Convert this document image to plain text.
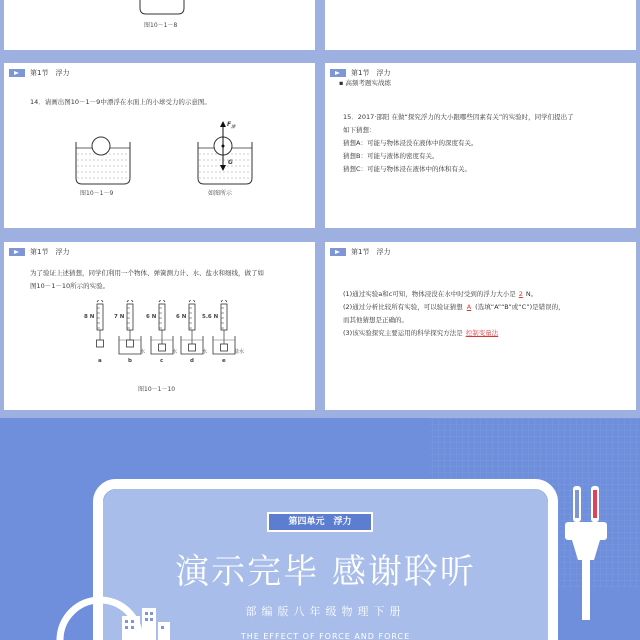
图10－1－8
第1节　浮力
14．请画出图10－1－9中漂浮在水面上的小球受力的示意图。
$F_浮$
G
图10－1－9	如图所示
第1节　浮力
▪ 高频考题实战练
15．2017·邵阳 在做“探究浮力的大小跟哪些因素有关”的实验时，同学们提出了
如下猜想：
猜想A：可能与物体浸没在液体中的深度有关。
猜想B：可能与液体的密度有关。
猜想C：可能与物体浸在液体中的体积有关。
第1节　浮力
为了验证上述猜想，同学们利用一个物体、弹簧测力计、水、盐水和细线，做了如
图10－1－10所示的实验。
图10－1－10
8 N
a
7 N
b
6 N
c
6 N
d
5.6 N
e
水	水	水	盐水
第1节　浮力
(1)通过实验a和c可知，物体浸没在水中时受到的浮力大小是 2 N。
(2)通过分析比较所有实验，可以验证猜想 A (选填“A”“B”或“C”)是错误的，
而其他猜想是正确的。
(3)该实验探究主要运用的科学探究方法是 控制变量法
第四单元　浮力
演示完毕 感谢聆听
部编版八年级物理下册
THE EFFECT OF FORCE AND FORCE
